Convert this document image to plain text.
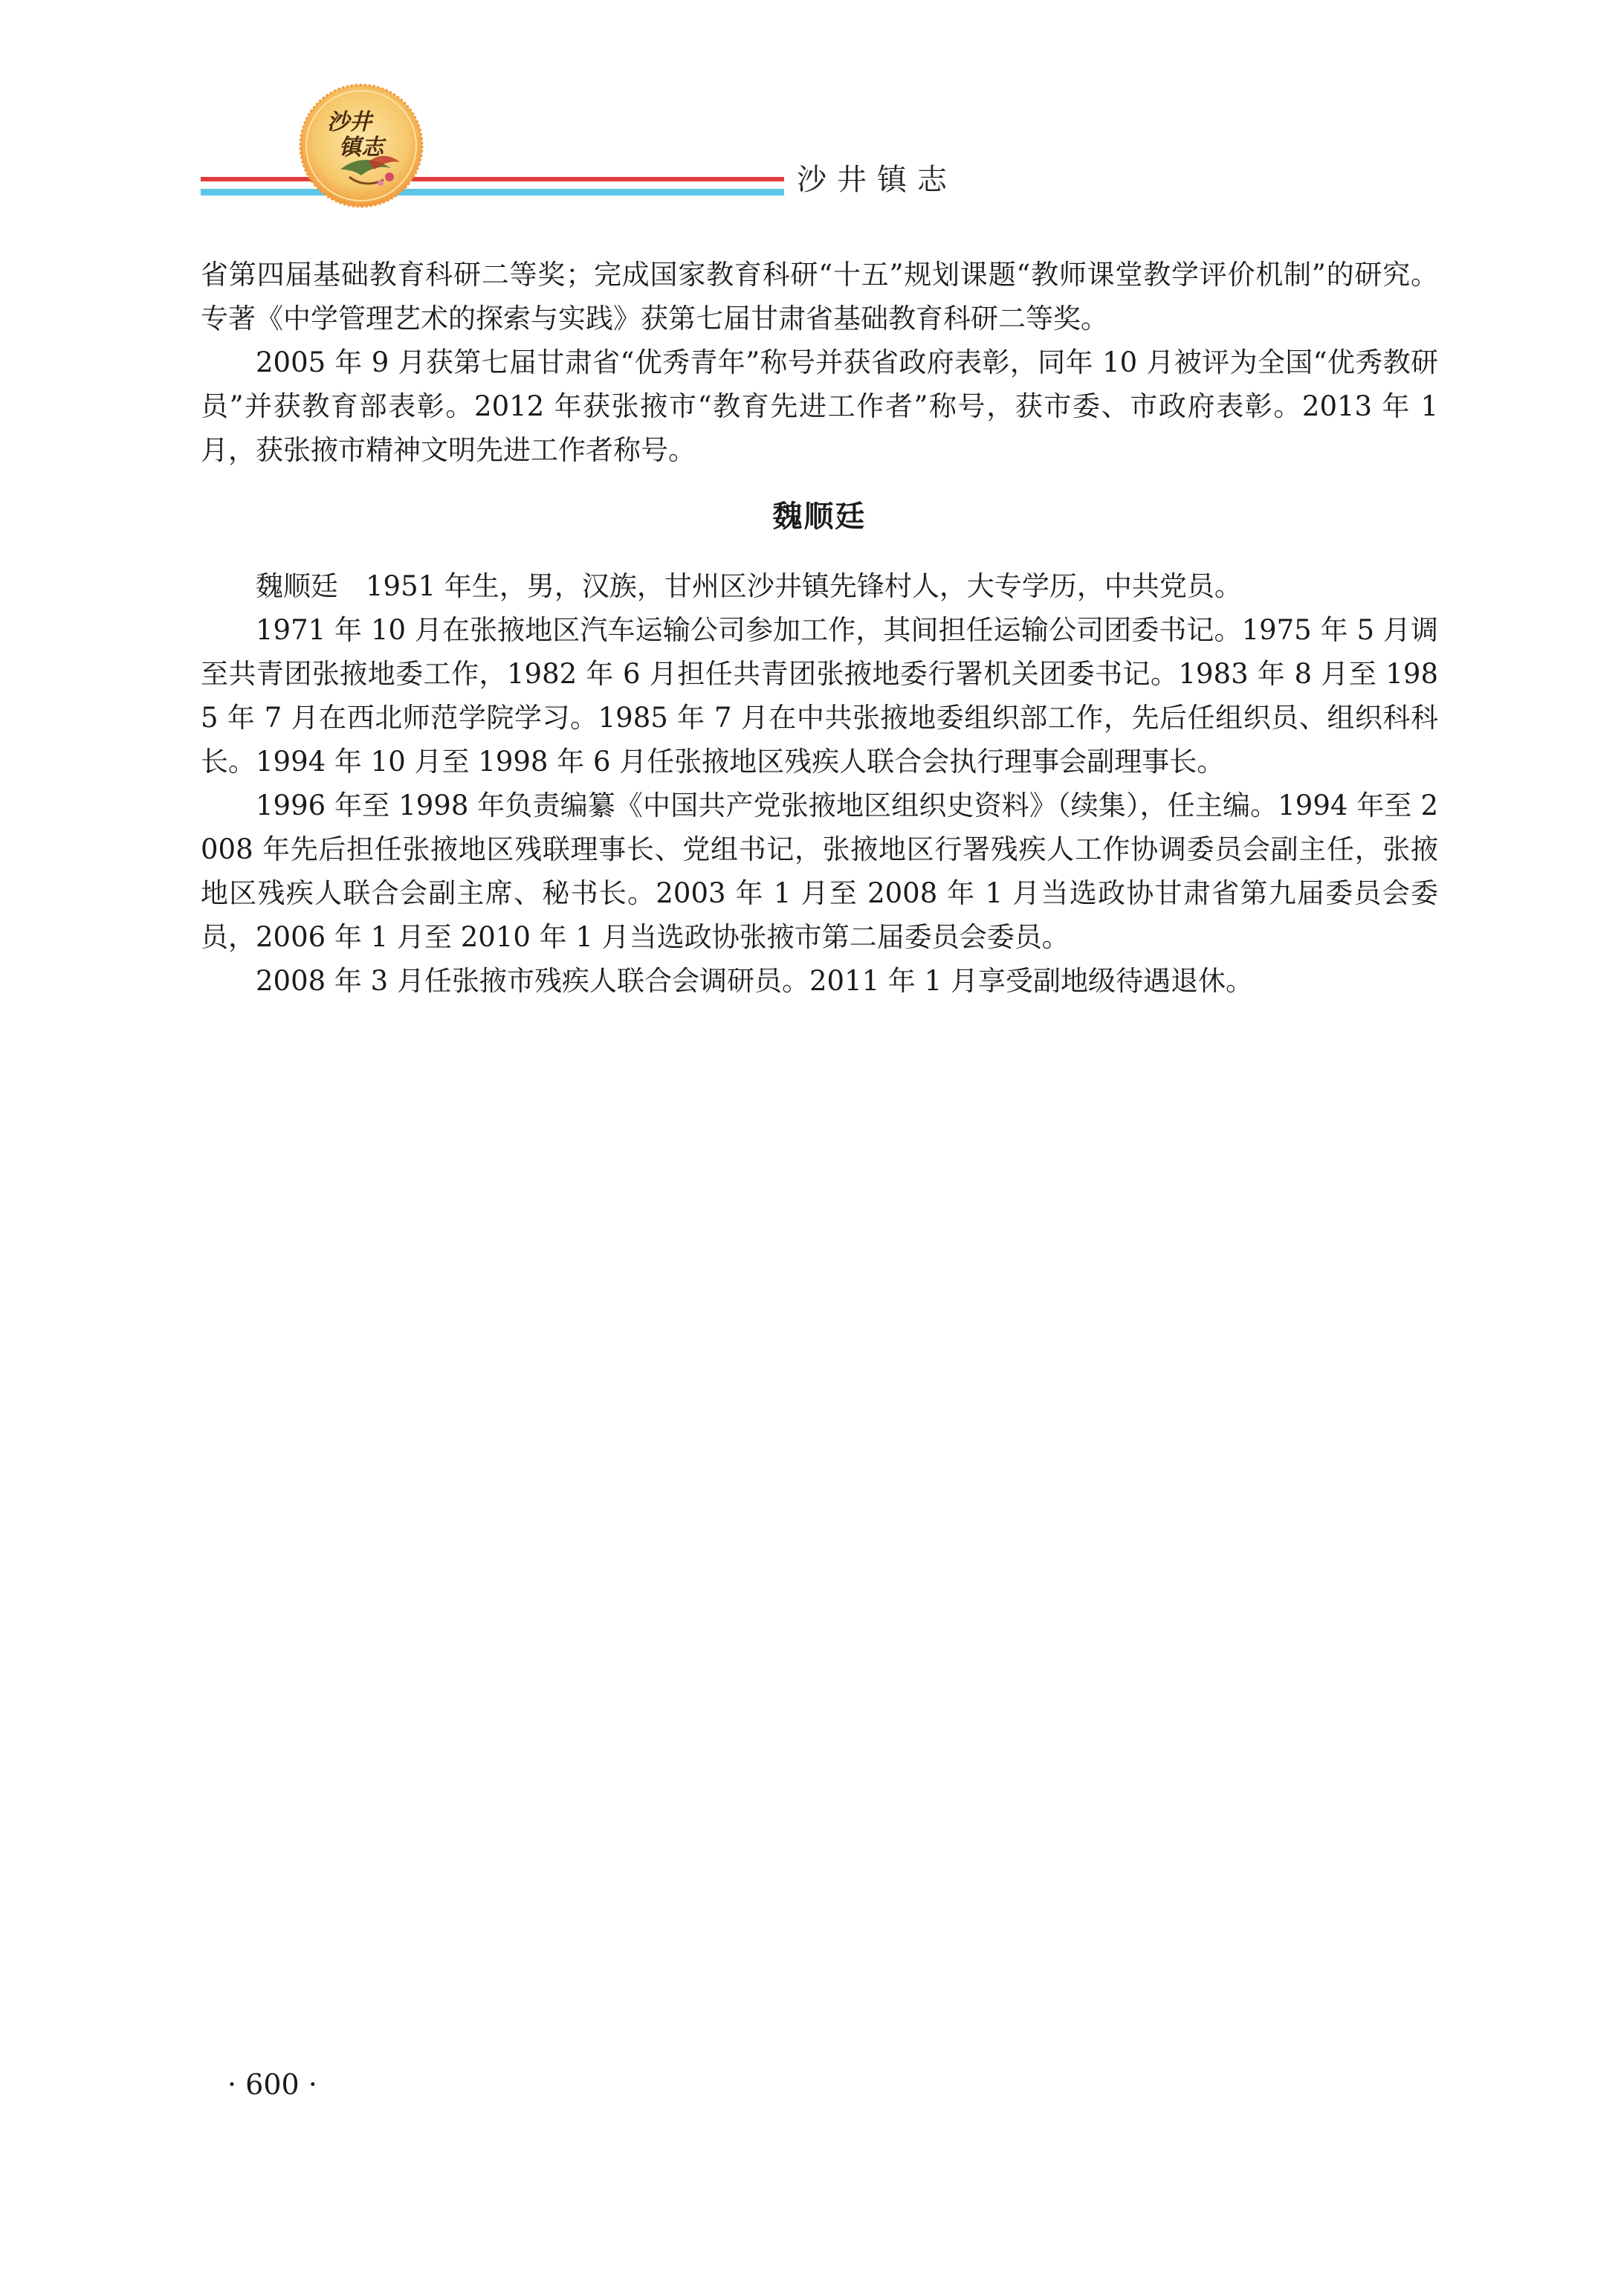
沙井
镇志
沙井镇志

省第四届基础教育科研二等奖；完成国家教育科研“十五”规划课题“教师课堂教学评价机制”的研究。专著《中学管理艺术的探索与实践》获第七届甘肃省基础教育科研二等奖。

2005 年 9 月获第七届甘肃省“优秀青年”称号并获省政府表彰，同年 10 月被评为全国“优秀教研员”并获教育部表彰。2012 年获张掖市“教育先进工作者”称号，获市委、市政府表彰。2013 年 1 月，获张掖市精神文明先进工作者称号。

魏顺廷

魏顺廷　1951 年生，男，汉族，甘州区沙井镇先锋村人，大专学历，中共党员。

1971 年 10 月在张掖地区汽车运输公司参加工作，其间担任运输公司团委书记。1975 年 5 月调至共青团张掖地委工作，1982 年 6 月担任共青团张掖地委行署机关团委书记。1983 年 8 月至 1985 年 7 月在西北师范学院学习。1985 年 7 月在中共张掖地委组织部工作，先后任组织员、组织科科长。1994 年 10 月至 1998 年 6 月任张掖地区残疾人联合会执行理事会副理事长。

1996 年至 1998 年负责编纂《中国共产党张掖地区组织史资料》（续集），任主编。1994 年至 2008 年先后担任张掖地区残联理事长、党组书记，张掖地区行署残疾人工作协调委员会副主任，张掖地区残疾人联合会副主席、秘书长。2003 年 1 月至 2008 年 1 月当选政协甘肃省第九届委员会委员，2006 年 1 月至 2010 年 1 月当选政协张掖市第二届委员会委员。

2008 年 3 月任张掖市残疾人联合会调研员。2011 年 1 月享受副地级待遇退休。

· 600 ·
